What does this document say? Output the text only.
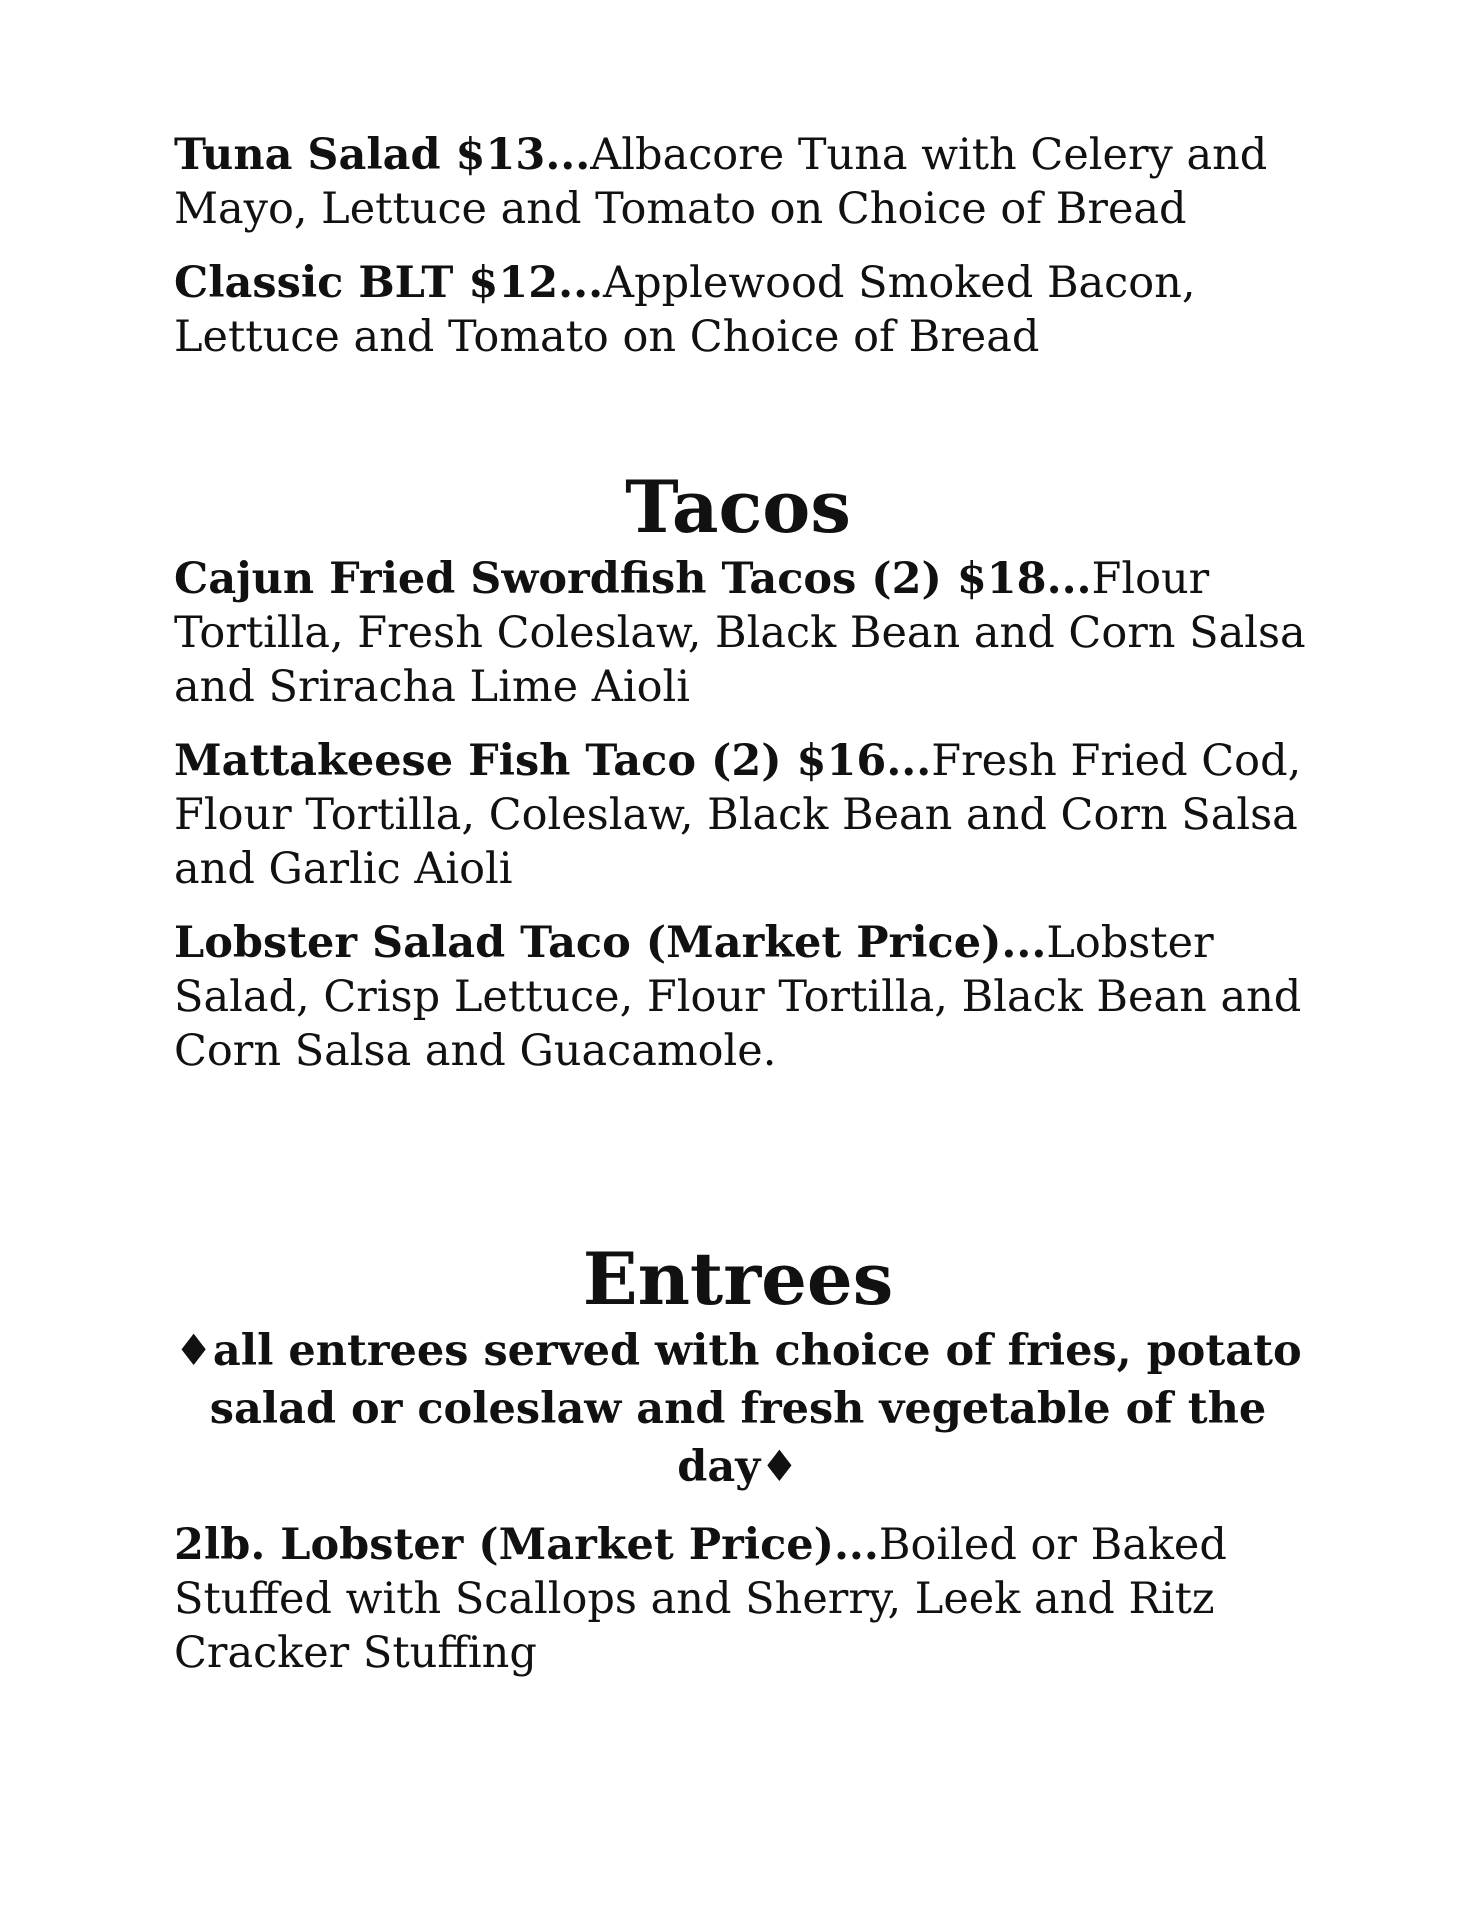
Tuna Salad $13...Albacore Tuna with Celery and Mayo, Lettuce and Tomato on Choice of Bread
Classic BLT $12...Applewood Smoked Bacon, Lettuce and Tomato on Choice of Bread
Tacos
Cajun Fried Swordfish Tacos (2) $18...Flour Tortilla, Fresh Coleslaw, Black Bean and Corn Salsa and Sriracha Lime Aioli
Mattakeese Fish Taco (2) $16...Fresh Fried Cod, Flour Tortilla, Coleslaw, Black Bean and Corn Salsa and Garlic Aioli
Lobster Salad Taco (Market Price)...Lobster Salad, Crisp Lettuce, Flour Tortilla, Black Bean and Corn Salsa and Guacamole.
Entrees
♦all entrees served with choice of fries, potato salad or coleslaw and fresh vegetable of the day♦
2lb. Lobster (Market Price)...Boiled or Baked Stuffed with Scallops and Sherry, Leek and Ritz Cracker Stuffing
